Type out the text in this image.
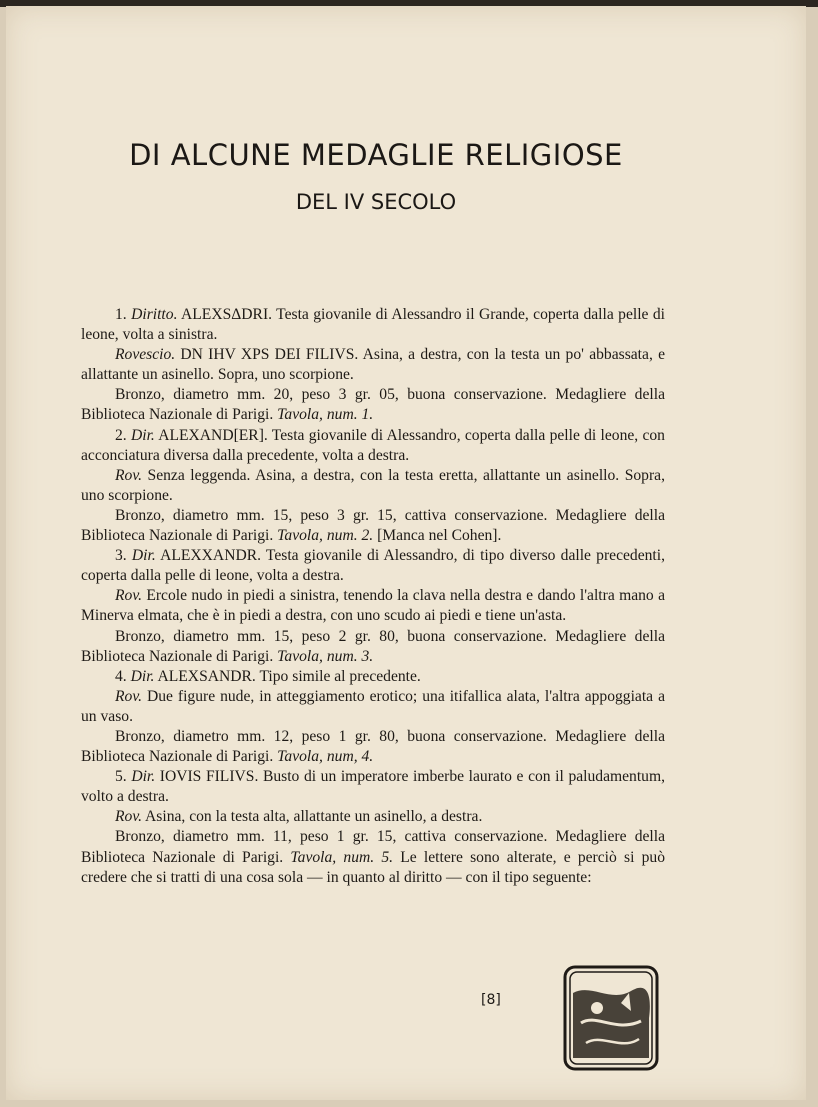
DI ALCUNE MEDAGLIE RELIGIOSE
DEL IV SECOLO

1. Diritto. ALEXSΔDRI. Testa giovanile di Alessandro il Grande, coperta dalla pelle di leone, volta a sinistra.

Rovescio. DN IHV XPS DEI FILIVS. Asina, a destra, con la testa un po' abbassata, e allattante un asinello. Sopra, uno scorpione.

Bronzo, diametro mm. 20, peso 3 gr. 05, buona conservazione. Medagliere della Biblioteca Nazionale di Parigi. Tavola, num. 1.

2. Dir. ALEXAND[ER]. Testa giovanile di Alessandro, coperta dalla pelle di leone, con acconciatura diversa dalla precedente, volta a destra.

Rov. Senza leggenda. Asina, a destra, con la testa eretta, allattante un asinello. Sopra, uno scorpione.

Bronzo, diametro mm. 15, peso 3 gr. 15, cattiva conservazione. Medagliere della Biblioteca Nazionale di Parigi. Tavola, num. 2. [Manca nel Cohen].

3. Dir. ALEXXANDR. Testa giovanile di Alessandro, di tipo diverso dalle precedenti, coperta dalla pelle di leone, volta a destra.

Rov. Ercole nudo in piedi a sinistra, tenendo la clava nella destra e dando l'altra mano a Minerva elmata, che è in piedi a destra, con uno scudo ai piedi e tiene un'asta.

Bronzo, diametro mm. 15, peso 2 gr. 80, buona conservazione. Medagliere della Biblioteca Nazionale di Parigi. Tavola, num. 3.

4. Dir. ALEXSANDR. Tipo simile al precedente.

Rov. Due figure nude, in atteggiamento erotico; una itifallica alata, l'altra appoggiata a un vaso.

Bronzo, diametro mm. 12, peso 1 gr. 80, buona conservazione. Medagliere della Biblioteca Nazionale di Parigi. Tavola, num, 4.

5. Dir. IOVIS FILIVS. Busto di un imperatore imberbe laurato e con il paludamentum, volto a destra.

Rov. Asina, con la testa alta, allattante un asinello, a destra.

Bronzo, diametro mm. 11, peso 1 gr. 15, cattiva conservazione. Medagliere della Biblioteca Nazionale di Parigi. Tavola, num. 5. Le lettere sono alterate, e perciò si può credere che si tratti di una cosa sola — in quanto al diritto — con il tipo seguente:

[8]
